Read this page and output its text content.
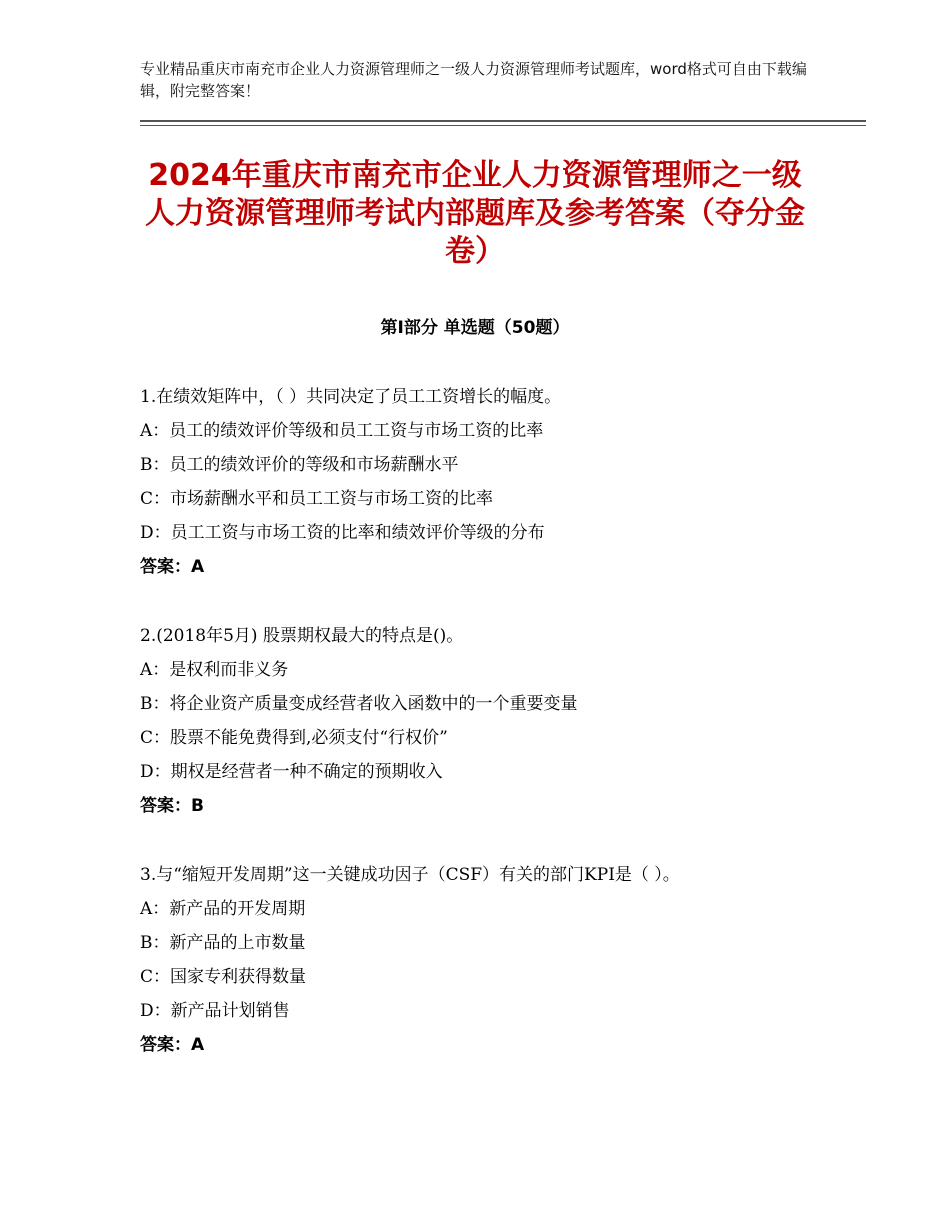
专业精品重庆市南充市企业人力资源管理师之一级人力资源管理师考试题库，word格式可自由下载编辑，附完整答案！
2024年重庆市南充市企业人力资源管理师之一级人力资源管理师考试内部题库及参考答案（夺分金卷）
第Ⅰ部分 单选题（50题）
1.在绩效矩阵中，（ ）共同决定了员工工资增长的幅度。
A：员工的绩效评价等级和员工工资与市场工资的比率
B：员工的绩效评价的等级和市场薪酬水平
C：市场薪酬水平和员工工资与市场工资的比率
D：员工工资与市场工资的比率和绩效评价等级的分布
答案：A
2.(2018年5月) 股票期权最大的特点是()。
A：是权利而非义务
B：将企业资产质量变成经营者收入函数中的一个重要变量
C：股票不能免费得到,必须支付“行权价”
D：期权是经营者一种不确定的预期收入
答案：B
3.与“缩短开发周期”这一关键成功因子（CSF）有关的部门KPI是（ ）。
A：新产品的开发周期
B：新产品的上市数量
C：国家专利获得数量
D：新产品计划销售
答案：A
